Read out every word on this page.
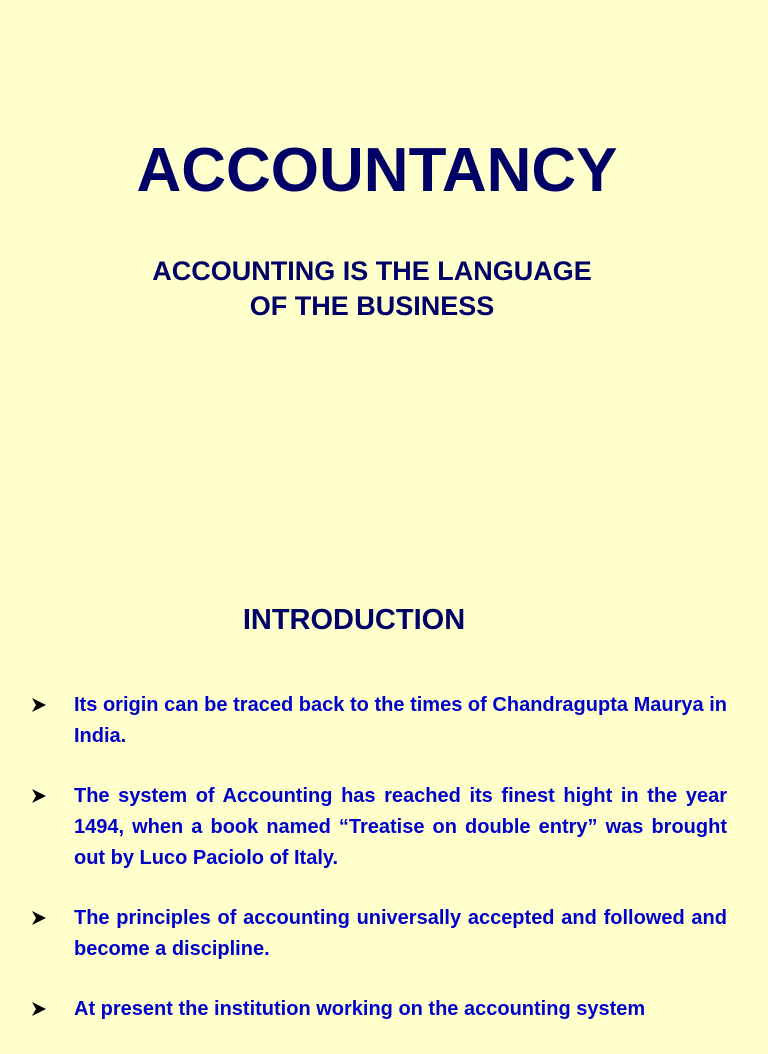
ACCOUNTANCY
ACCOUNTING IS THE LANGUAGE
OF THE BUSINESS
INTRODUCTION
Its origin can be traced back to the times of Chandragupta Maurya in India.
The system of Accounting has reached its finest hight in the year 1494, when a book named “Treatise on double entry” was brought out by Luco Paciolo of Italy.
The principles of accounting universally accepted and followed and become a discipline.
At present the institution working on the accounting system
